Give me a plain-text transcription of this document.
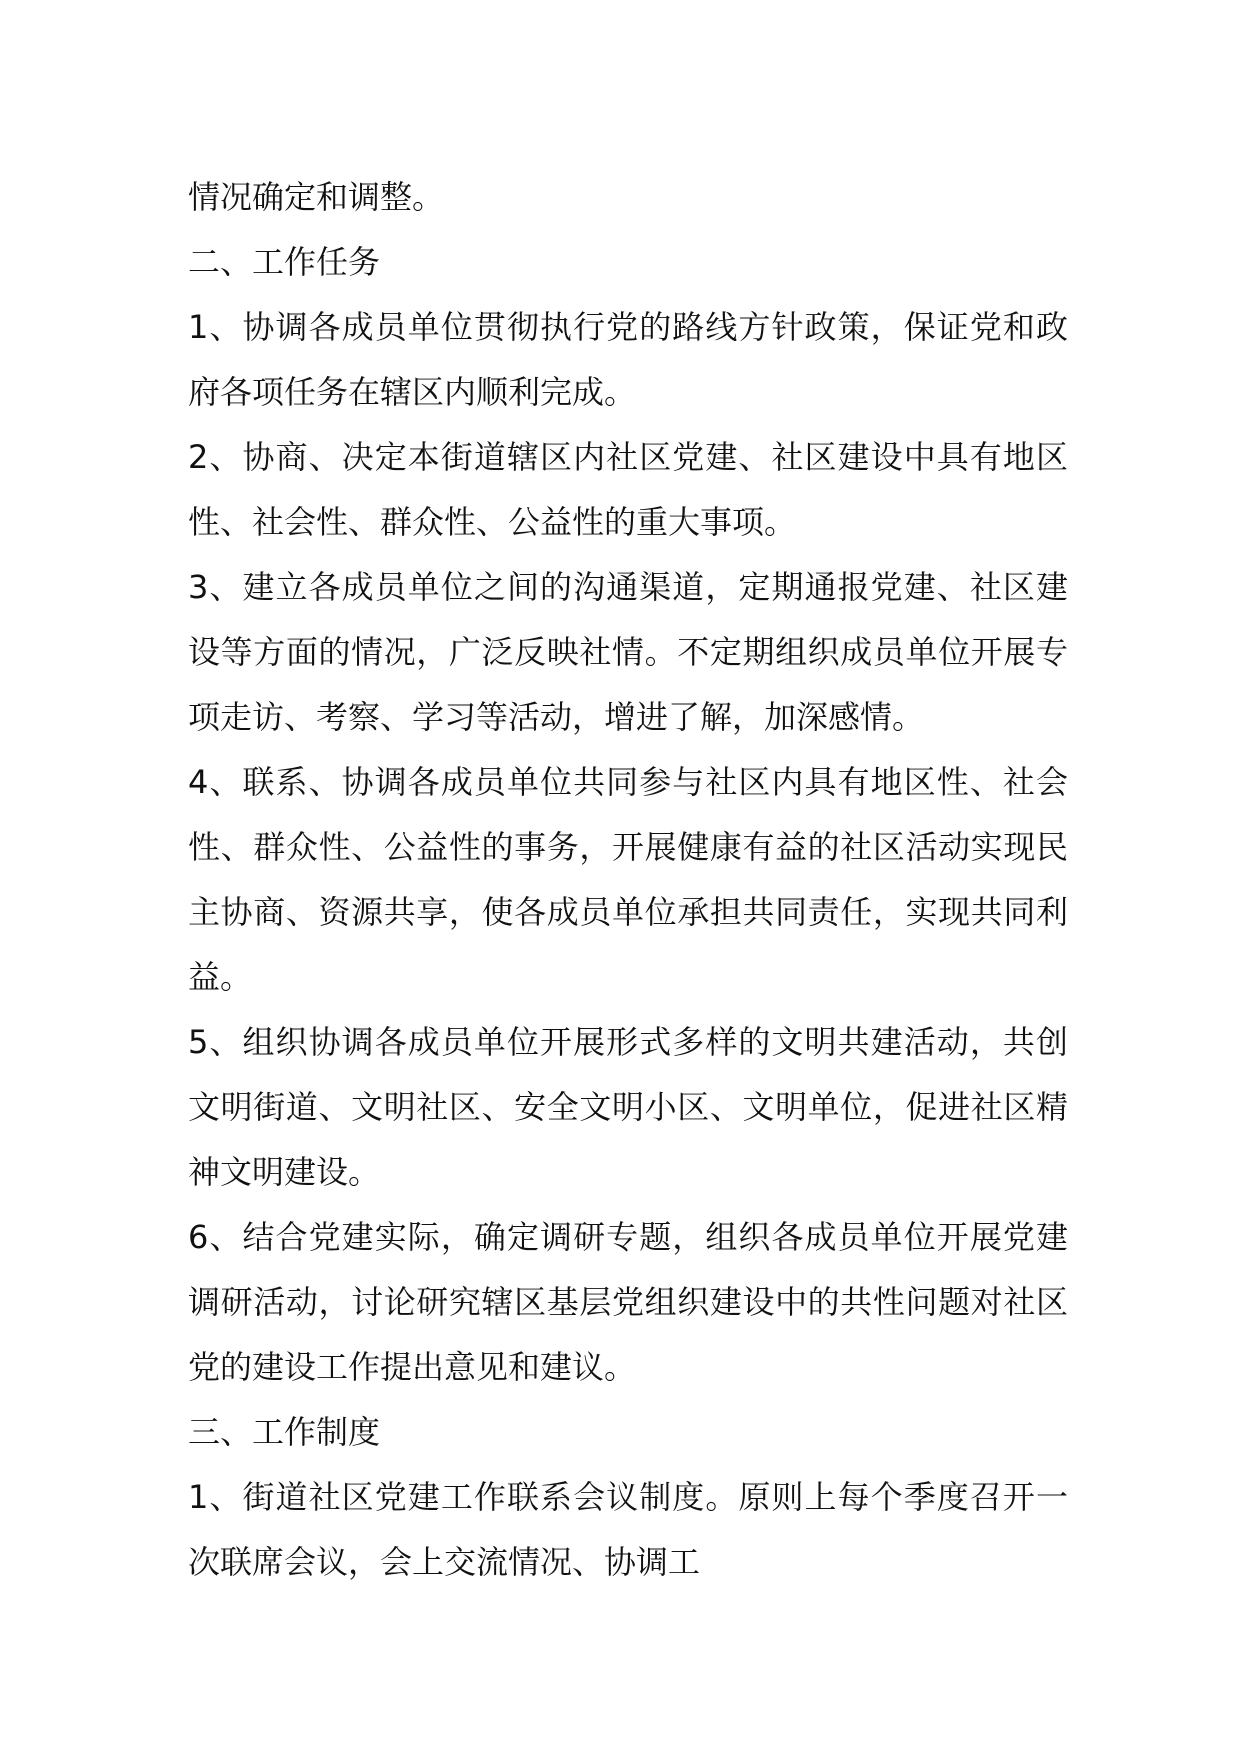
情况确定和调整。

二、工作任务

1、协调各成员单位贯彻执行党的路线方针政策，保证党和政府各项任务在辖区内顺利完成。

2、协商、决定本街道辖区内社区党建、社区建设中具有地区性、社会性、群众性、公益性的重大事项。

3、建立各成员单位之间的沟通渠道，定期通报党建、社区建设等方面的情况，广泛反映社情。不定期组织成员单位开展专项走访、考察、学习等活动，增进了解，加深感情。

4、联系、协调各成员单位共同参与社区内具有地区性、社会性、群众性、公益性的事务，开展健康有益的社区活动实现民主协商、资源共享，使各成员单位承担共同责任，实现共同利益。

5、组织协调各成员单位开展形式多样的文明共建活动，共创文明街道、文明社区、安全文明小区、文明单位，促进社区精神文明建设。

6、结合党建实际，确定调研专题，组织各成员单位开展党建调研活动，讨论研究辖区基层党组织建设中的共性问题对社区党的建设工作提出意见和建议。

三、工作制度

1、街道社区党建工作联系会议制度。原则上每个季度召开一次联席会议，会上交流情况、协调工
